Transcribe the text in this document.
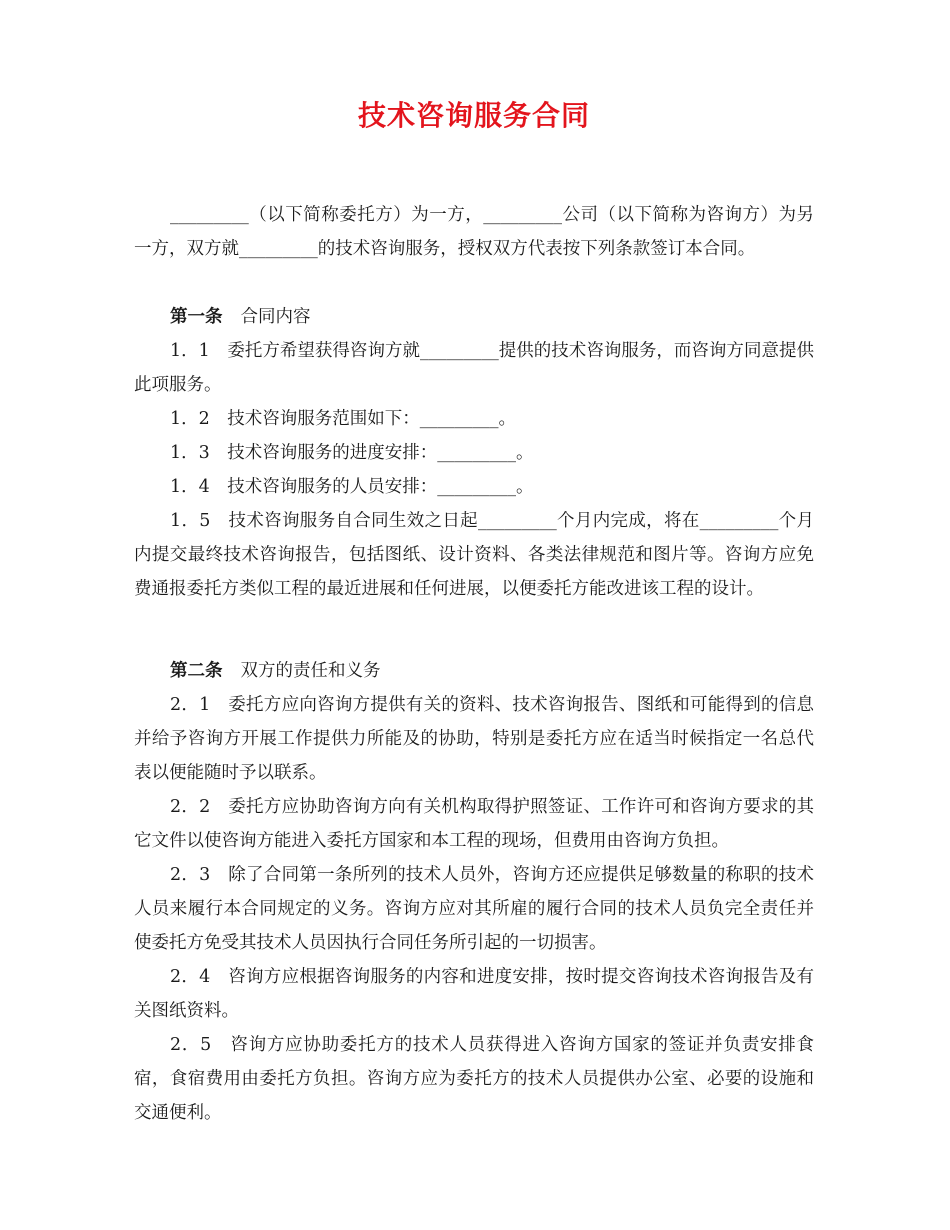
技术咨询服务合同

_________（以下简称委托方）为一方，_________公司（以下简称为咨询方）为另一方，双方就_________的技术咨询服务，授权双方代表按下列条款签订本合同。

第一条 合同内容

1．1　委托方希望获得咨询方就_________提供的技术咨询服务，而咨询方同意提供此项服务。

1．2　技术咨询服务范围如下：_________。

1．3　技术咨询服务的进度安排：_________。

1．4　技术咨询服务的人员安排：_________。

1．5　技术咨询服务自合同生效之日起_________个月内完成，将在_________个月内提交最终技术咨询报告，包括图纸、设计资料、各类法律规范和图片等。咨询方应免费通报委托方类似工程的最近进展和任何进展，以便委托方能改进该工程的设计。

第二条 双方的责任和义务

2．1　委托方应向咨询方提供有关的资料、技术咨询报告、图纸和可能得到的信息并给予咨询方开展工作提供力所能及的协助，特别是委托方应在适当时候指定一名总代表以便能随时予以联系。

2．2　委托方应协助咨询方向有关机构取得护照签证、工作许可和咨询方要求的其它文件以使咨询方能进入委托方国家和本工程的现场，但费用由咨询方负担。

2．3　除了合同第一条所列的技术人员外，咨询方还应提供足够数量的称职的技术人员来履行本合同规定的义务。咨询方应对其所雇的履行合同的技术人员负完全责任并使委托方免受其技术人员因执行合同任务所引起的一切损害。

2．4　咨询方应根据咨询服务的内容和进度安排，按时提交咨询技术咨询报告及有关图纸资料。

2．5　咨询方应协助委托方的技术人员获得进入咨询方国家的签证并负责安排食宿，食宿费用由委托方负担。咨询方应为委托方的技术人员提供办公室、必要的设施和交通便利。
